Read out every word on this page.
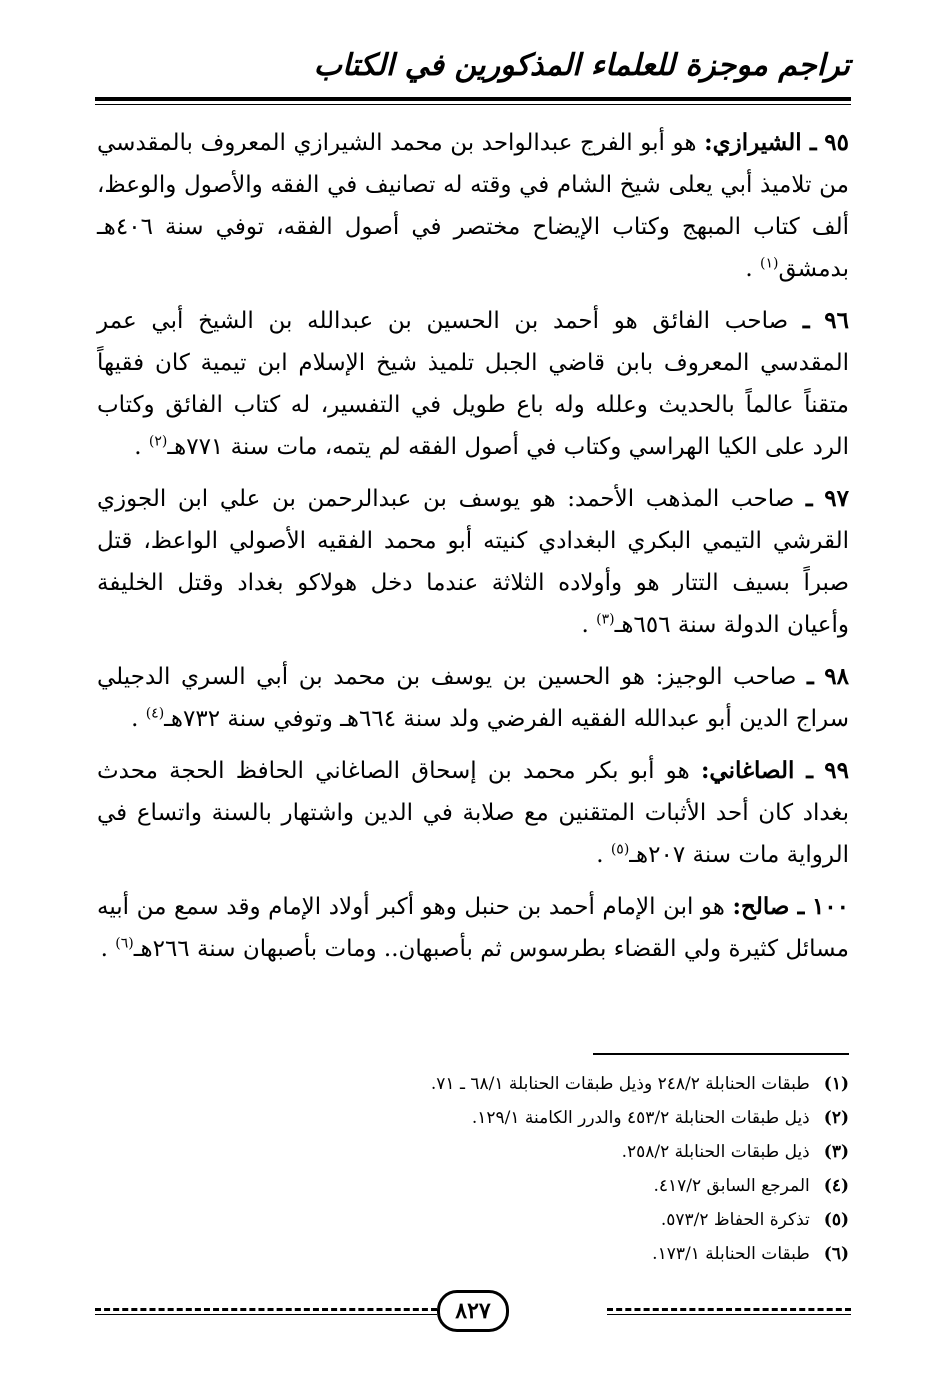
تراجم موجزة للعلماء المذكورين في الكتاب

٩٥ ـ الشيرازي: هو أبو الفرج عبدالواحد بن محمد الشيرازي المعروف بالمقدسي من تلاميذ أبي يعلى شيخ الشام في وقته له تصانيف في الفقه والأصول والوعظ، ألف كتاب المبهج وكتاب الإيضاح مختصر في أصول الفقه، توفي سنة ٤٠٦هـ بدمشق$^{(١)}$ .

٩٦ ـ صاحب الفائق هو أحمد بن الحسين بن عبدالله بن الشيخ أبي عمر المقدسي المعروف بابن قاضي الجبل تلميذ شيخ الإسلام ابن تيمية كان فقيهاً متقناً عالماً بالحديث وعلله وله باع طويل في التفسير، له كتاب الفائق وكتاب الرد على الكيا الهراسي وكتاب في أصول الفقه لم يتمه، مات سنة ٧٧١هـ$^{(٢)}$ .

٩٧ ـ صاحب المذهب الأحمد: هو يوسف بن عبدالرحمن بن علي ابن الجوزي القرشي التيمي البكري البغدادي كنيته أبو محمد الفقيه الأصولي الواعظ، قتل صبراً بسيف التتار هو وأولاده الثلاثة عندما دخل هولاكو بغداد وقتل الخليفة وأعيان الدولة سنة ٦٥٦هـ$^{(٣)}$ .

٩٨ ـ صاحب الوجيز: هو الحسين بن يوسف بن محمد بن أبي السري الدجيلي سراج الدين أبو عبدالله الفقيه الفرضي ولد سنة ٦٦٤هـ وتوفي سنة ٧٣٢هـ$^{(٤)}$ .

٩٩ ـ الصاغاني: هو أبو بكر محمد بن إسحاق الصاغاني الحافظ الحجة محدث بغداد كان أحد الأثبات المتقنين مع صلابة في الدين واشتهار بالسنة واتساع في الرواية مات سنة ٢٠٧هـ$^{(٥)}$ .

١٠٠ ـ صالح: هو ابن الإمام أحمد بن حنبل وهو أكبر أولاد الإمام وقد سمع من أبيه مسائل كثيرة ولي القضاء بطرسوس ثم بأصبهان.. ومات بأصبهان سنة ٢٦٦هـ$^{(٦)}$ .

(١)طبقات الحنابلة ٢٤٨/٢ وذيل طبقات الحنابلة ٦٨/١ ـ ٧١.
(٢)ذيل طبقات الحنابلة ٤٥٣/٢ والدرر الكامنة ١٢٩/١.
(٣)ذيل طبقات الحنابلة ٢٥٨/٢.
(٤)المرجع السابق ٤١٧/٢.
(٥)تذكرة الحفاظ ٥٧٣/٢.
(٦)طبقات الحنابلة ١٧٣/١.
٨٢٧
